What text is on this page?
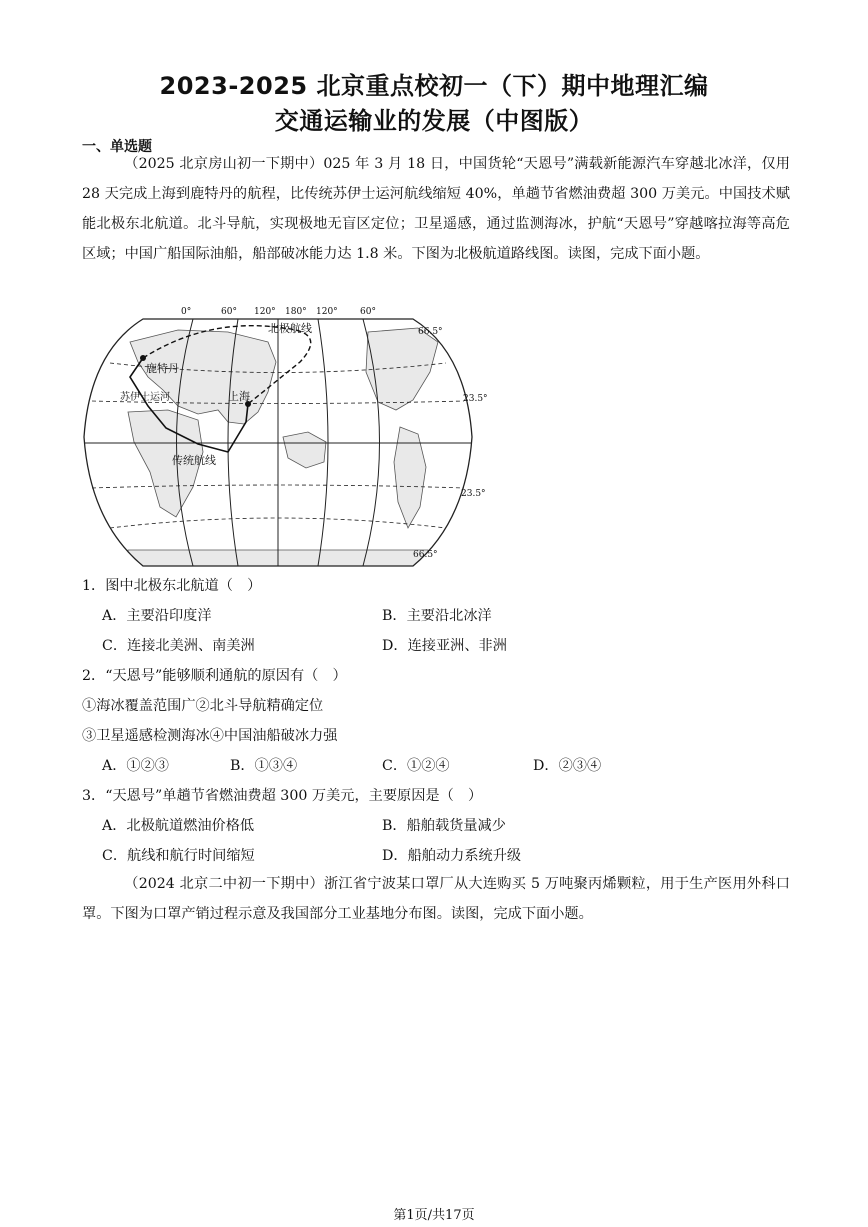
2023-2025 北京重点校初一（下）期中地理汇编
交通运输业的发展（中图版）
一、单选题
（2025 北京房山初一下期中）025 年 3 月 18 日，中国货轮“天恩号”满载新能源汽车穿越北冰洋，仅用 28 天完成上海到鹿特丹的航程，比传统苏伊士运河航线缩短 40%，单趟节省燃油费超 300 万美元。中国技术赋能北极东北航道。北斗导航，实现极地无盲区定位；卫星遥感，通过监测海冰，护航“天恩号”穿越喀拉海等高危区域；中国广船国际油船，船部破冰能力达 1.8 米。下图为北极航道路线图。读图，完成下面小题。
0°	60° 120° 180° 120° 60°
66.5°
23.5°
23.5°
66.5°
北极航线
鹿特丹
上海
苏伊士运河
传统航线
1．图中北极东北航道（　）
A．主要沿印度洋	B．主要沿北冰洋
C．连接北美洲、南美洲	D．连接亚洲、非洲
2．“天恩号”能够顺利通航的原因有（　）
①海冰覆盖范围广②北斗导航精确定位
③卫星遥感检测海冰④中国油船破冰力强
A．①②③	B．①③④	C．①②④	D．②③④
3．“天恩号”单趟节省燃油费超 300 万美元，主要原因是（　）
A．北极航道燃油价格低	B．船舶载货量减少
C．航线和航行时间缩短	D．船舶动力系统升级
（2024 北京二中初一下期中）浙江省宁波某口罩厂从大连购买 5 万吨聚丙烯颗粒，用于生产医用外科口罩。下图为口罩产销过程示意及我国部分工业基地分布图。读图，完成下面小题。
第1页/共17页
